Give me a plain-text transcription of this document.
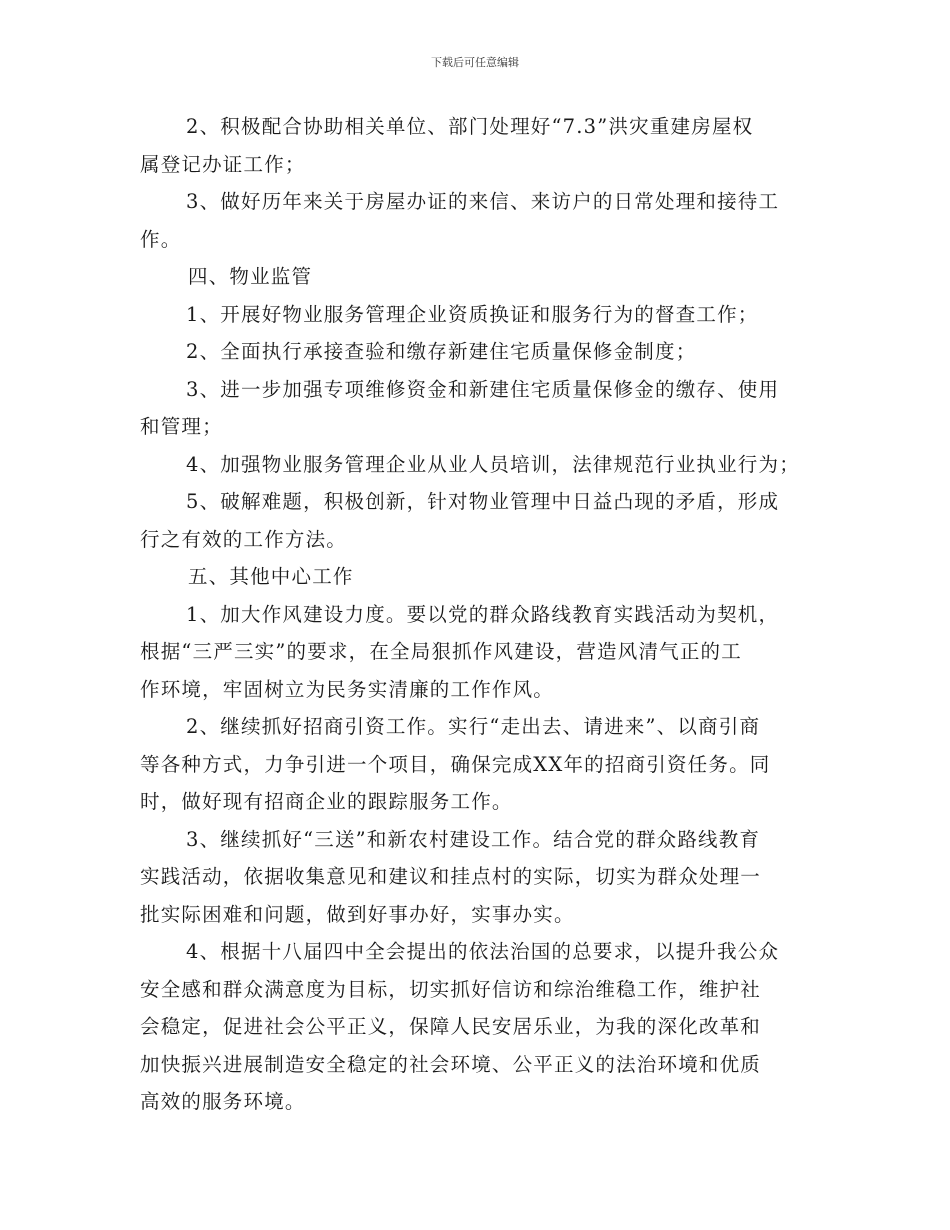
下载后可任意编辑
2、积极配合协助相关单位、部门处理好“7.3”洪灾重建房屋权
属登记办证工作；
3、做好历年来关于房屋办证的来信、来访户的日常处理和接待工
作。
四、物业监管
1、开展好物业服务管理企业资质换证和服务行为的督查工作；
2、全面执行承接查验和缴存新建住宅质量保修金制度；
3、进一步加强专项维修资金和新建住宅质量保修金的缴存、使用
和管理；
4、加强物业服务管理企业从业人员培训，法律规范行业执业行为；
5、破解难题，积极创新，针对物业管理中日益凸现的矛盾，形成
行之有效的工作方法。
五、其他中心工作
1、加大作风建设力度。要以党的群众路线教育实践活动为契机，
根据“三严三实”的要求，在全局狠抓作风建设，营造风清气正的工
作环境，牢固树立为民务实清廉的工作作风。
2、继续抓好招商引资工作。实行“走出去、请进来”、以商引商
等各种方式，力争引进一个项目，确保完成XX年的招商引资任务。同
时，做好现有招商企业的跟踪服务工作。
3、继续抓好“三送”和新农村建设工作。结合党的群众路线教育
实践活动，依据收集意见和建议和挂点村的实际，切实为群众处理一
批实际困难和问题，做到好事办好，实事办实。
4、根据十八届四中全会提出的依法治国的总要求，以提升我公众
安全感和群众满意度为目标，切实抓好信访和综治维稳工作，维护社
会稳定，促进社会公平正义，保障人民安居乐业，为我的深化改革和
加快振兴进展制造安全稳定的社会环境、公平正义的法治环境和优质
高效的服务环境。
